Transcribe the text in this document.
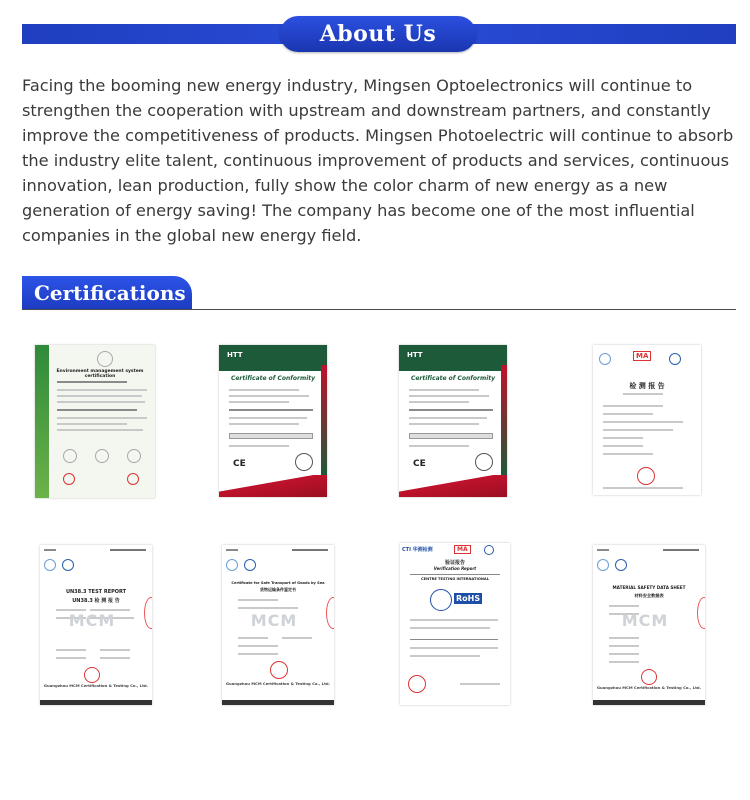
About Us

Facing the booming new energy industry, Mingsen Optoelectronics will continue to strengthen the cooperation with upstream and downstream partners, and constantly improve the competitiveness of products. Mingsen Photoelectric will continue to absorb the industry elite talent, continuous improvement of products and services, continuous innovation, lean production, fully show the color charm of new energy as a new generation of energy saving! The company has become one of the most influential companies in the global new energy field.

Certifications
Environment management system certification
HTT
Certificate of Conformity
CE
HTT
Certificate of Conformity
CE
MA
检 测 报 告
UN38.3 TEST REPORT
UN38.3 检 测 报 告
MCM
Guangzhou MCM Certification & Testing Co., Ltd.
Certificate for Safe Transport of Goods by Sea
货物运输条件鉴定书
MCM
Guangzhou MCM Certification & Testing Co., Ltd.
CTI 华测检测	MA
验证报告
Verification Report
CENTRE TESTING INTERNATIONAL
RoHS
MATERIAL SAFETY DATA SHEET
材料安全数据表
MCM
Guangzhou MCM Certification & Testing Co., Ltd.
